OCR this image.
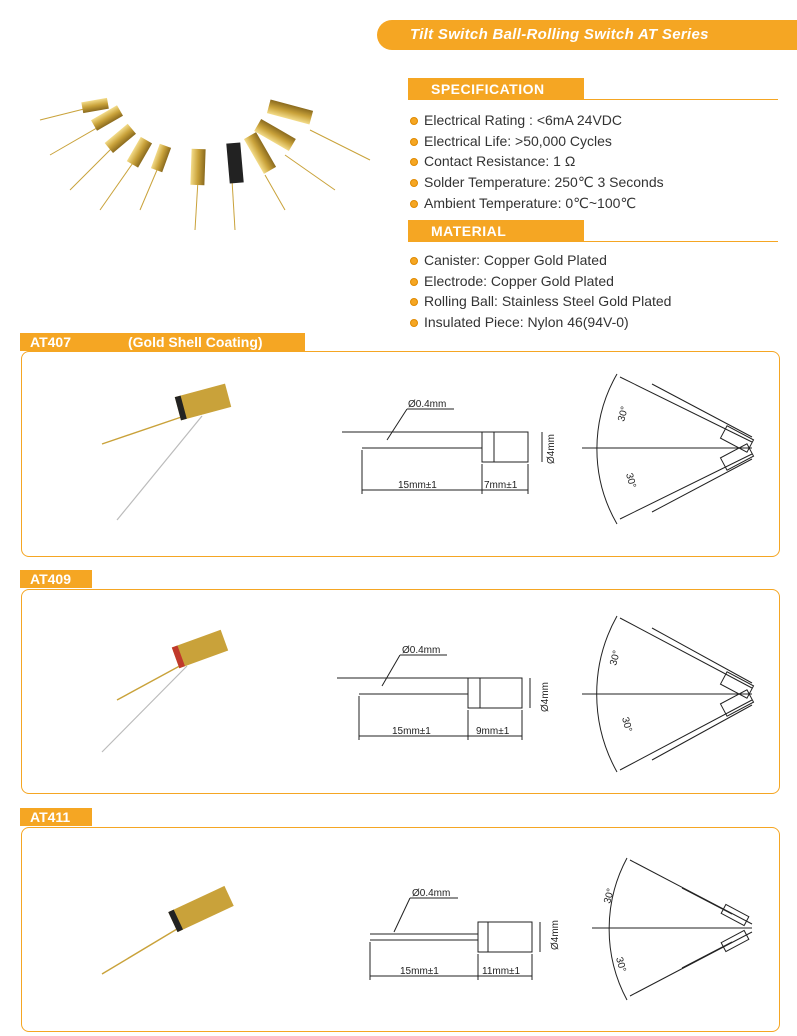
Tilt Switch Ball-Rolling Switch AT Series
SPECIFICATION
Electrical Rating : <6mA 24VDC
Electrical Life: >50,000 Cycles
Contact Resistance: 1 Ω
Solder Temperature: 250℃ 3 Seconds
Ambient Temperature: 0℃~100℃
MATERIAL
Canister: Copper Gold Plated
Electrode: Copper Gold Plated
Rolling Ball: Stainless Steel Gold Plated
Insulated Piece: Nylon 46(94V-0)
AT407	(Gold Shell Coating)
AT409
AT411
Ø0.4mm
15mm±1	7mm±1
Ø4mm
30°
30°
Ø0.4mm
15mm±1	9mm±1
Ø4mm
30°
30°
Ø0.4mm
15mm±1	11mm±1
Ø4mm
30°
30°
